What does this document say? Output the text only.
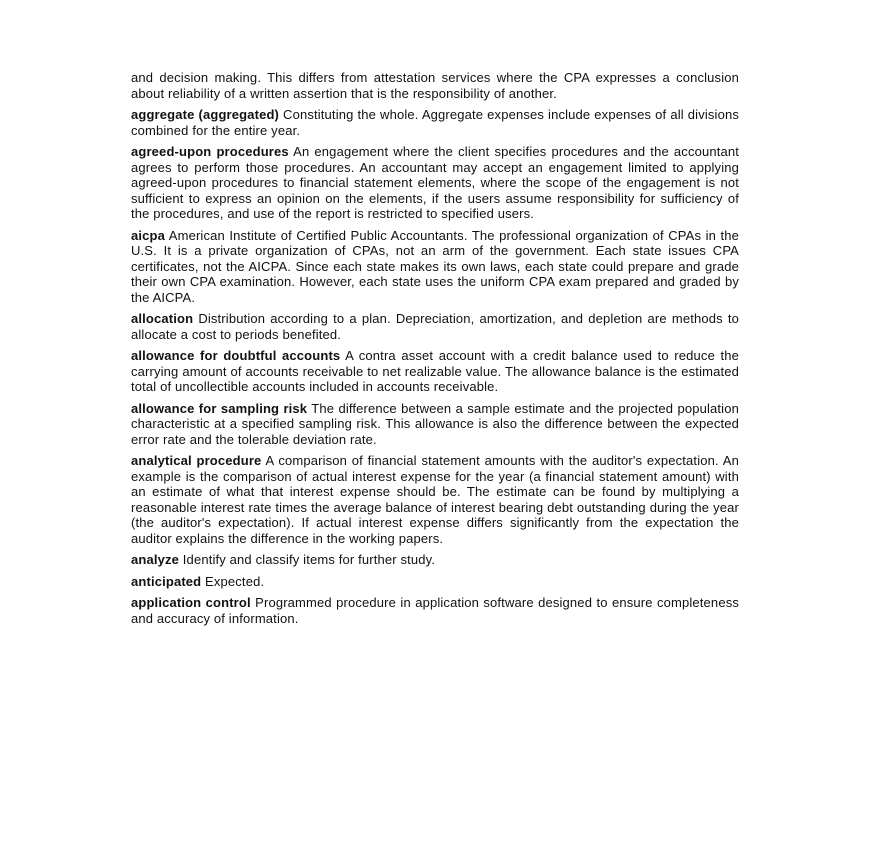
and decision making. This differs from attestation services where the CPA expresses a conclusion about reliability of a written assertion that is the responsibility of another.

aggregate (aggregated) Constituting the whole. Aggregate expenses include expenses of all divisions combined for the entire year.

agreed-upon procedures An engagement where the client specifies procedures and the accountant agrees to perform those procedures. An accountant may accept an engagement limited to applying agreed-upon procedures to financial statement elements, where the scope of the engagement is not sufficient to express an opinion on the elements, if the users assume responsibility for sufficiency of the procedures, and use of the report is restricted to specified users.

aicpa American Institute of Certified Public Accountants. The professional organization of CPAs in the U.S. It is a private organization of CPAs, not an arm of the government. Each state issues CPA certificates, not the AICPA. Since each state makes its own laws, each state could prepare and grade their own CPA examination. However, each state uses the uniform CPA exam prepared and graded by the AICPA.

allocation Distribution according to a plan. Depreciation, amortization, and depletion are methods to allocate a cost to periods benefited.

allowance for doubtful accounts A contra asset account with a credit balance used to reduce the carrying amount of accounts receivable to net realizable value. The allowance balance is the estimated total of uncollectible accounts included in accounts receivable.

allowance for sampling risk The difference between a sample estimate and the projected population characteristic at a specified sampling risk. This allowance is also the difference between the expected error rate and the tolerable deviation rate.

analytical procedure A comparison of financial statement amounts with the auditor's expectation. An example is the comparison of actual interest expense for the year (a financial statement amount) with an estimate of what that interest expense should be. The estimate can be found by multiplying a reasonable interest rate times the average balance of interest bearing debt outstanding during the year (the auditor's expectation). If actual interest expense differs significantly from the expectation the auditor explains the difference in the working papers.

analyze Identify and classify items for further study.

anticipated Expected.

application control Programmed procedure in application software designed to ensure completeness and accuracy of information.
